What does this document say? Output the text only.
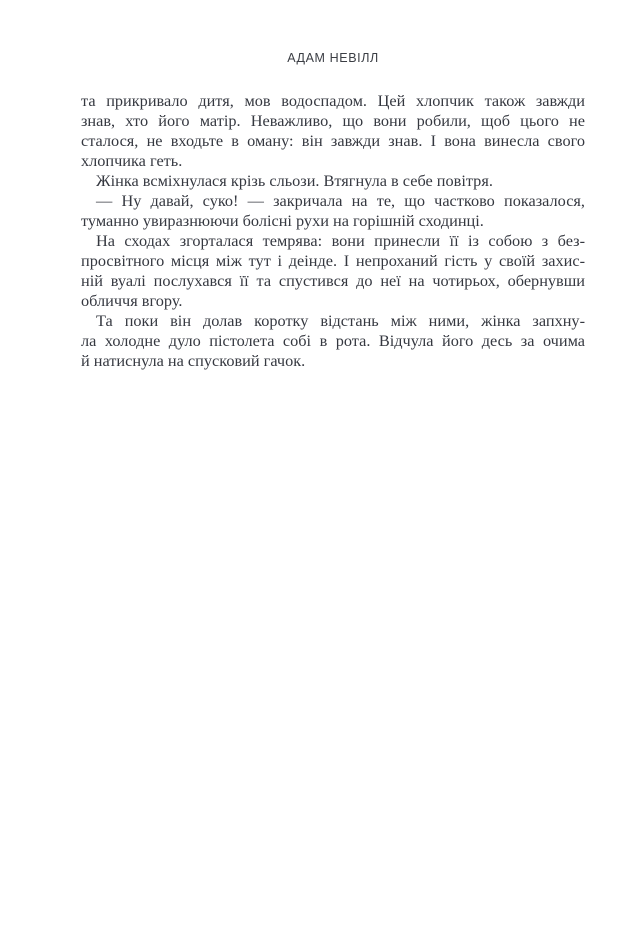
АДАМ НЕВІЛЛ
та прикривало дитя, мов водоспадом. Цей хлопчик також завжди
знав, хто його матір. Неважливо, що вони робили, щоб цього не
сталося, не входьте в оману: він завжди знав. І вона винесла свого
хлопчика геть.
Жінка всміхнулася крізь сльози. Втягнула в себе повітря.
— Ну давай, суко! — закричала на те, що частково показалося,
туманно увиразнюючи болісні рухи на горішній сходинці.
На сходах згорталася темрява: вони принесли її із собою з без-
просвітного місця між тут і деінде. І непроханий гість у своїй захис-
ній вуалі послухався її та спустився до неї на чотирьох, обернувши
обличчя вгору.
Та поки він долав коротку відстань між ними, жінка запхну-
ла холодне дуло пістолета собі в рота. Відчула його десь за очима
й натиснула на спусковий гачок.
